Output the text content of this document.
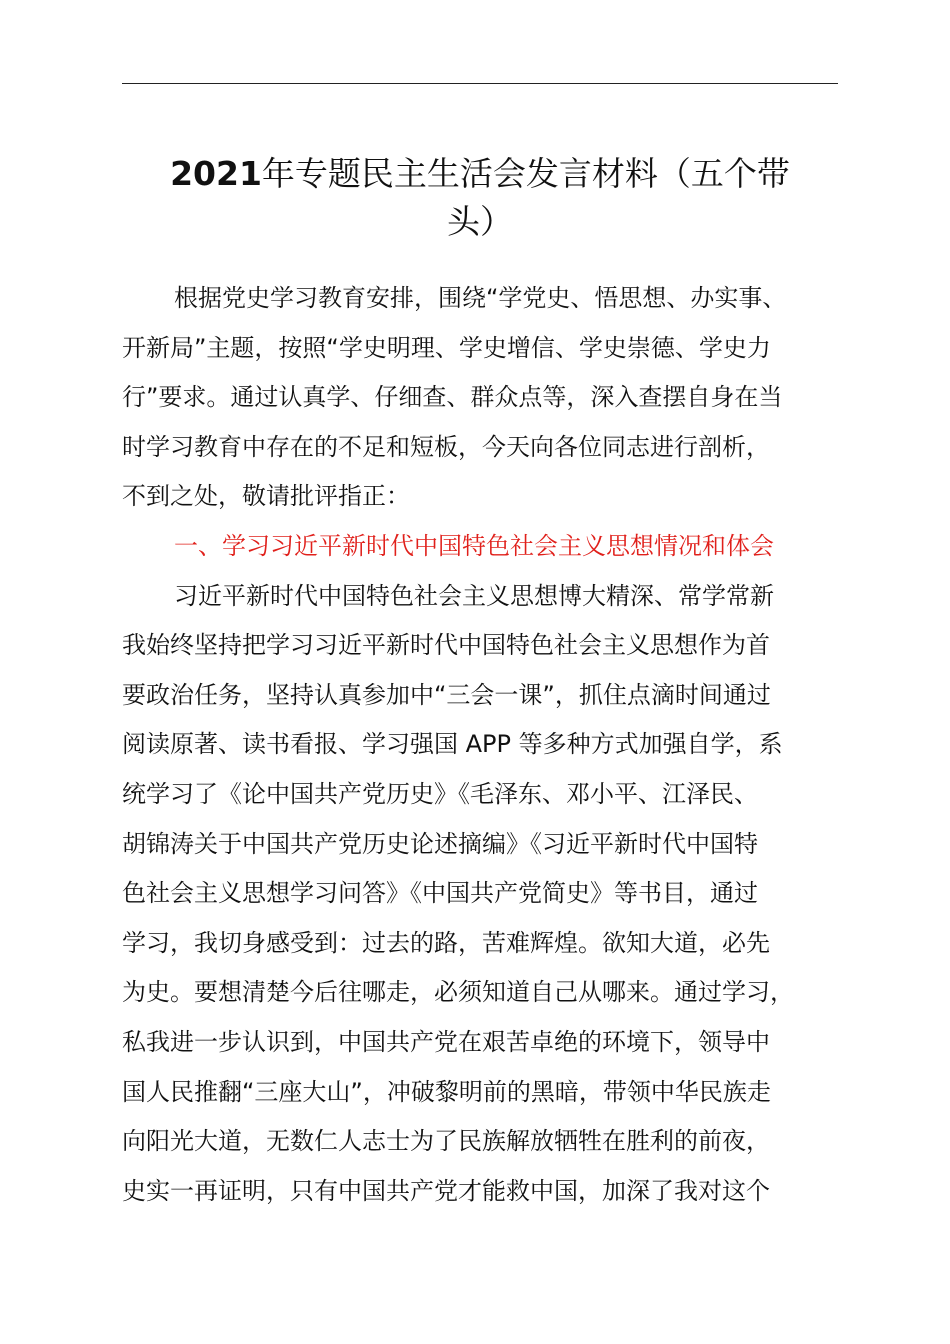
2021年专题民主生活会发言材料（五个带
头）
根据党史学习教育安排，围绕“学党史、悟思想、办实事、
开新局”主题，按照“学史明理、学史增信、学史崇德、学史力
行”要求。通过认真学、仔细查、群众点等，深入查摆自身在当
时学习教育中存在的不足和短板，今天向各位同志进行剖析，
不到之处，敬请批评指正：
一、学习习近平新时代中国特色社会主义思想情况和体会
习近平新时代中国特色社会主义思想博大精深、常学常新
我始终坚持把学习习近平新时代中国特色社会主义思想作为首
要政治任务，坚持认真参加中“三会一课”，抓住点滴时间通过
阅读原著、读书看报、学习强国 APP 等多种方式加强自学，系
统学习了《论中国共产党历史》《毛泽东、邓小平、江泽民、
胡锦涛关于中国共产党历史论述摘编》《习近平新时代中国特
色社会主义思想学习问答》《中国共产党简史》等书目，通过
学习，我切身感受到：过去的路，苦难辉煌。欲知大道，必先
为史。要想清楚今后往哪走，必须知道自己从哪来。通过学习，
私我进一步认识到，中国共产党在艰苦卓绝的环境下，领导中
国人民推翻“三座大山”，冲破黎明前的黑暗，带领中华民族走
向阳光大道，无数仁人志士为了民族解放牺牲在胜利的前夜，
史实一再证明，只有中国共产党才能救中国，加深了我对这个
